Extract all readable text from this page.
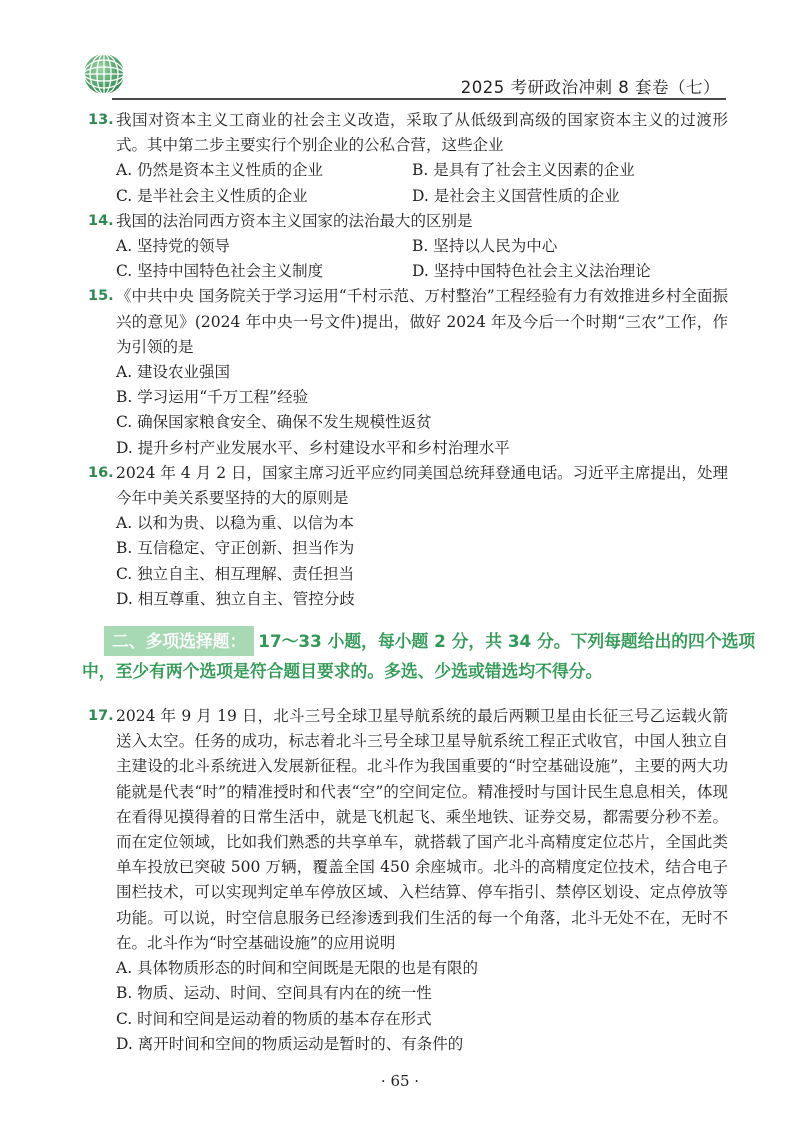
2025 考研政治冲刺 8 套卷（七）
13. 我国对资本主义工商业的社会主义改造，采取了从低级到高级的国家资本主义的过渡形式。其中第二步主要实行个别企业的公私合营，这些企业
A. 仍然是资本主义性质的企业	B. 是具有了社会主义因素的企业
C. 是半社会主义性质的企业	D. 是社会主义国营性质的企业
14. 我国的法治同西方资本主义国家的法治最大的区别是
A. 坚持党的领导	B. 坚持以人民为中心
C. 坚持中国特色社会主义制度	D. 坚持中国特色社会主义法治理论
15. 《中共中央 国务院关于学习运用“千村示范、万村整治”工程经验有力有效推进乡村全面振兴的意见》(2024 年中央一号文件)提出，做好 2024 年及今后一个时期“三农”工作，作为引领的是
A. 建设农业强国
B. 学习运用“千万工程”经验
C. 确保国家粮食安全、确保不发生规模性返贫
D. 提升乡村产业发展水平、乡村建设水平和乡村治理水平
16. 2024 年 4 月 2 日，国家主席习近平应约同美国总统拜登通电话。习近平主席提出，处理今年中美关系要坚持的大的原则是
A. 以和为贵、以稳为重、以信为本
B. 互信稳定、守正创新、担当作为
C. 独立自主、相互理解、责任担当
D. 相互尊重、独立自主、管控分歧
二、多项选择题： 17～33 小题，每小题 2 分，共 34 分。下列每题给出的四个选项中，至少有两个选项是符合题目要求的。多选、少选或错选均不得分。
17. 2024 年 9 月 19 日，北斗三号全球卫星导航系统的最后两颗卫星由长征三号乙运载火箭送入太空。任务的成功，标志着北斗三号全球卫星导航系统工程正式收官，中国人独立自主建设的北斗系统进入发展新征程。北斗作为我国重要的“时空基础设施”，主要的两大功能就是代表“时”的精准授时和代表“空”的空间定位。精准授时与国计民生息息相关，体现在看得见摸得着的日常生活中，就是飞机起飞、乘坐地铁、证券交易，都需要分秒不差。而在定位领域，比如我们熟悉的共享单车，就搭载了国产北斗高精度定位芯片，全国此类单车投放已突破 500 万辆，覆盖全国 450 余座城市。北斗的高精度定位技术，结合电子围栏技术，可以实现判定单车停放区域、入栏结算、停车指引、禁停区划设、定点停放等功能。可以说，时空信息服务已经渗透到我们生活的每一个角落，北斗无处不在，无时不在。北斗作为“时空基础设施”的应用说明
A. 具体物质形态的时间和空间既是无限的也是有限的
B. 物质、运动、时间、空间具有内在的统一性
C. 时间和空间是运动着的物质的基本存在形式
D. 离开时间和空间的物质运动是暂时的、有条件的
· 65 ·
